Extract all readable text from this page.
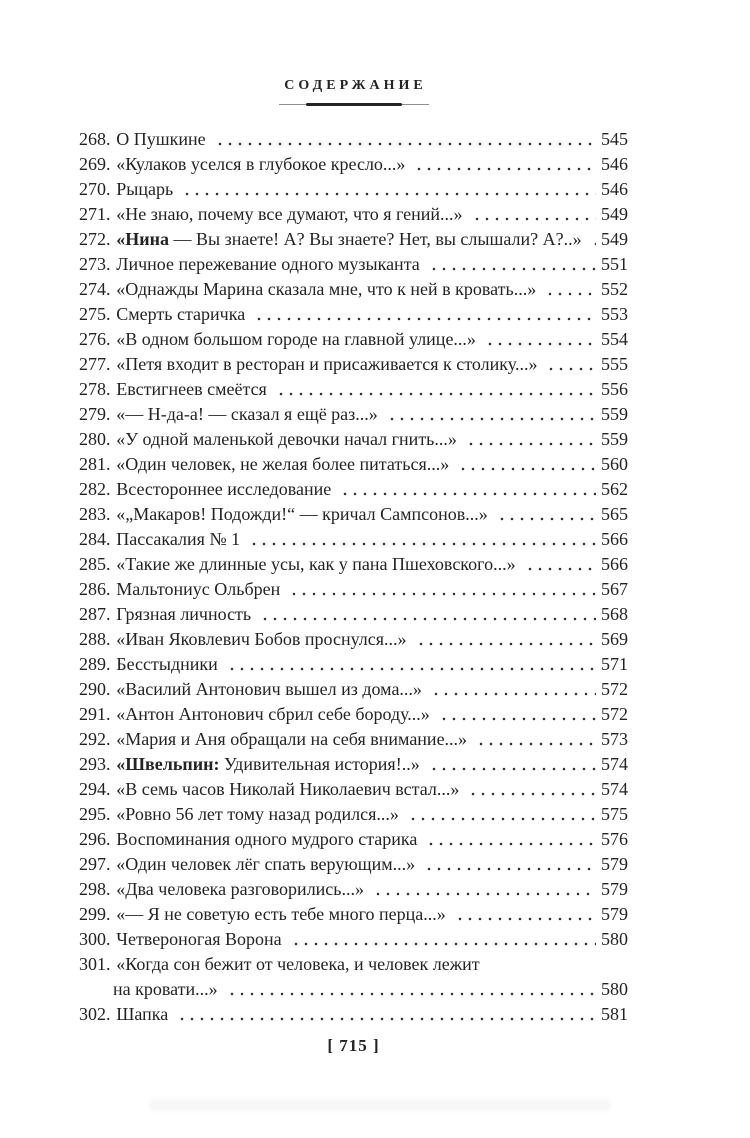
СОДЕРЖАНИЕ
268. О Пушкине	545
269. «Кулаков уселся в глубокое кресло...»	546
270. Рыцарь	546
271. «Не знаю, почему все думают, что я гений...»	549
272. «Нина — Вы знаете! А? Вы знаете? Нет, вы слышали? А?..» 549
273. Личное пережевание одного музыканта	551
274. «Однажды Марина сказала мне, что к ней в кровать...»	552
275. Смерть старичка	553
276. «В одном большом городе на главной улице...»	554
277. «Петя входит в ресторан и присаживается к столику...»	555
278. Евстигнеев смеётся	556
279. «— Н-да-а! — сказал я ещё раз...»	559
280. «У одной маленькой девочки начал гнить...»	559
281. «Один человек, не желая более питаться...»	560
282. Всестороннее исследование	562
283. «„Макаров! Подожди!“ — кричал Сампсонов...»	565
284. Пассакалия № 1	566
285. «Такие же длинные усы, как у пана Пшеховского...»	566
286. Мальтониус Ольбрен	567
287. Грязная личность	568
288. «Иван Яковлевич Бобов проснулся...»	569
289. Бесстыдники	571
290. «Василий Антонович вышел из дома...»	572
291. «Антон Антонович сбрил себе бороду...»	572
292. «Мария и Аня обращали на себя внимание...»	573
293. «Швельпин: Удивительная история!..»	574
294. «В семь часов Николай Николаевич встал...»	574
295. «Ровно 56 лет тому назад родился...»	575
296. Воспоминания одного мудрого старика	576
297. «Один человек лёг спать верующим...»	579
298. «Два человека разговорились...»	579
299. «— Я не советую есть тебе много перца...»	579
300. Четвероногая Ворона	580
301. «Когда сон бежит от человека, и человек лежит
на кровати...»	580
302. Шапка	581
[ 715 ]
